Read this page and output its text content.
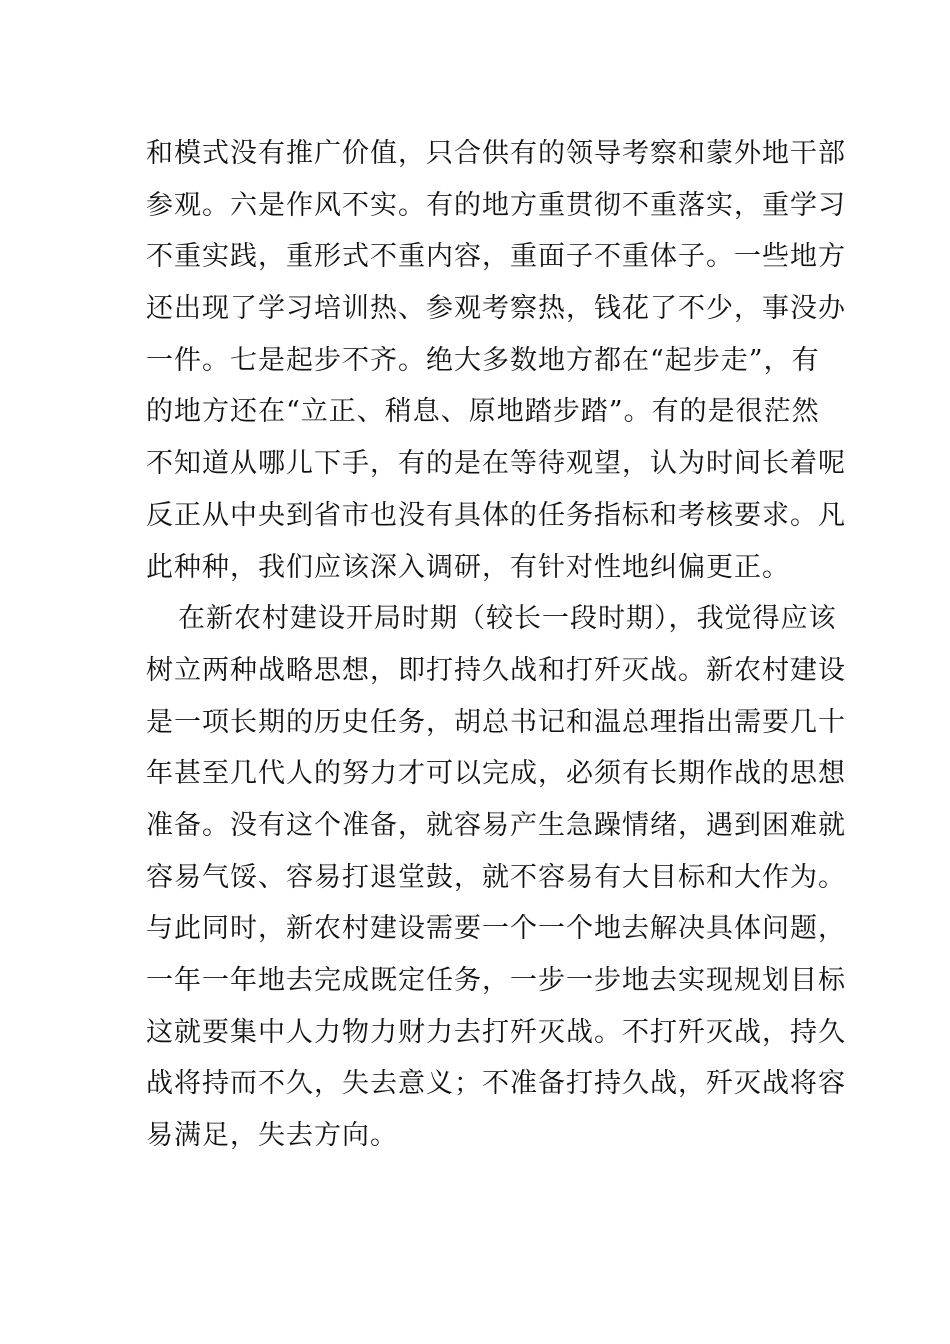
和模式没有推广价值，只合供有的领导考察和蒙外地干部
参观。六是作风不实。有的地方重贯彻不重落实，重学习
不重实践，重形式不重内容，重面子不重体子。一些地方
还出现了学习培训热、参观考察热，钱花了不少，事没办
一件。七是起步不齐。绝大多数地方都在“起步走”，有
的地方还在“立正、稍息、原地踏步踏”。有的是很茫然
不知道从哪儿下手，有的是在等待观望，认为时间长着呢
反正从中央到省市也没有具体的任务指标和考核要求。凡
此种种，我们应该深入调研，有针对性地纠偏更正。
在新农村建设开局时期（较长一段时期），我觉得应该
树立两种战略思想，即打持久战和打歼灭战。新农村建设
是一项长期的历史任务，胡总书记和温总理指出需要几十
年甚至几代人的努力才可以完成，必须有长期作战的思想
准备。没有这个准备，就容易产生急躁情绪，遇到困难就
容易气馁、容易打退堂鼓，就不容易有大目标和大作为。
与此同时，新农村建设需要一个一个地去解决具体问题，
一年一年地去完成既定任务，一步一步地去实现规划目标
这就要集中人力物力财力去打歼灭战。不打歼灭战，持久
战将持而不久，失去意义；不准备打持久战，歼灭战将容
易满足，失去方向。
